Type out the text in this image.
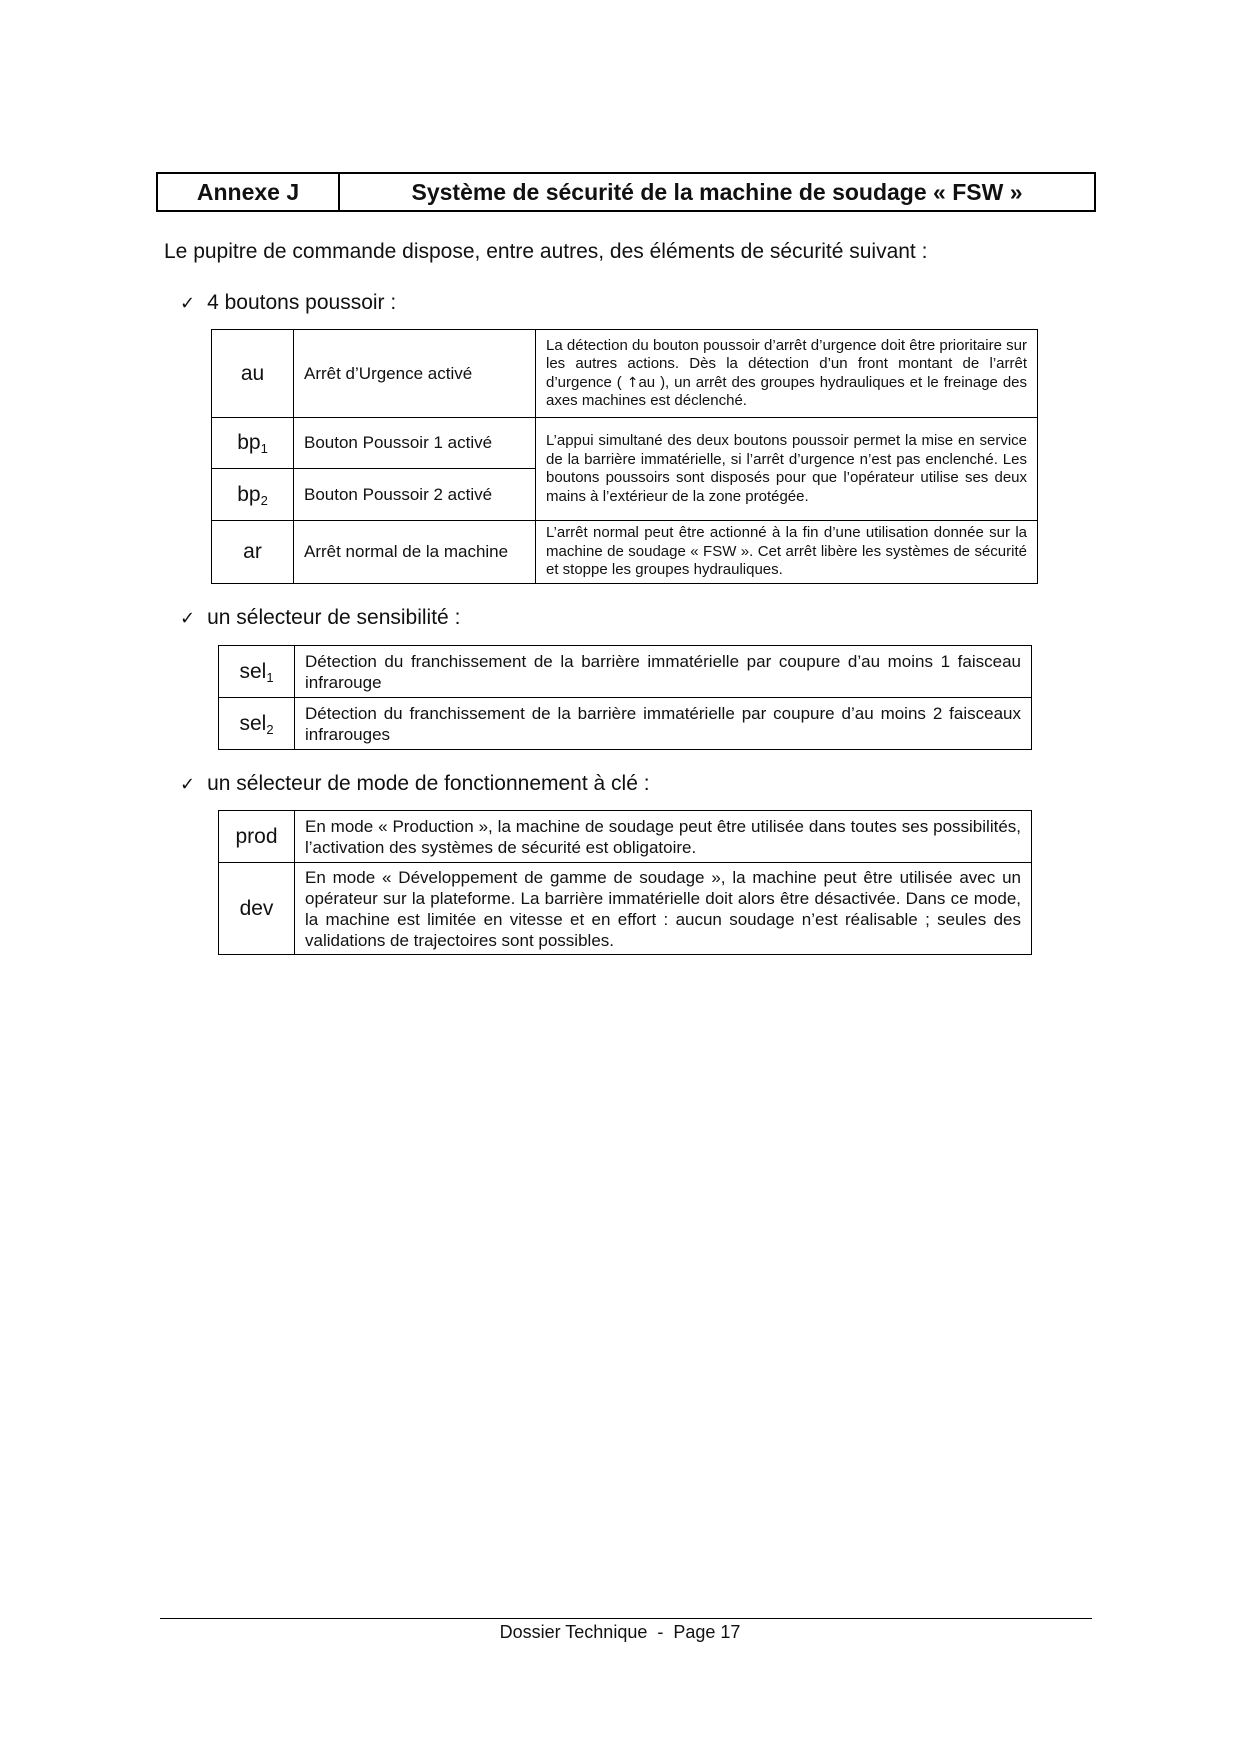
Annexe J	Système de sécurité de la machine de soudage « FSW »
Le pupitre de commande dispose, entre autres, des éléments de sécurité suivant :
✓ 4 boutons poussoir :
au	Arrêt d’Urgence activé	La détection du bouton poussoir d’arrêt d’urgence doit être prioritaire sur les autres actions. Dès la détection d’un front montant de l’arrêt d’urgence ( ↑au ), un arrêt des groupes hydrauliques et le freinage des axes machines est déclenché.
$bp_1$	Bouton Poussoir 1 activé	L’appui simultané des deux boutons poussoir permet la mise en service de la barrière immatérielle, si l’arrêt d’urgence n’est pas enclenché. Les boutons poussoirs sont disposés pour que l’opérateur utilise ses deux mains à l’extérieur de la zone protégée.
$bp_2$	Bouton Poussoir 2 activé	
ar	Arrêt normal de la machine	L’arrêt normal peut être actionné à la fin d’une utilisation donnée sur la machine de soudage « FSW ». Cet arrêt libère les systèmes de sécurité et stoppe les groupes hydrauliques.
✓ un sélecteur de sensibilité :
sel$_1$	Détection du franchissement de la barrière immatérielle par coupure d’au moins 1 faisceau infrarouge
sel$_2$	Détection du franchissement de la barrière immatérielle par coupure d’au moins 2 faisceaux infrarouges
✓ un sélecteur de mode de fonctionnement à clé :
prod	En mode « Production », la machine de soudage peut être utilisée dans toutes ses possibilités, l’activation des systèmes de sécurité est obligatoire.
dev	En mode « Développement de gamme de soudage », la machine peut être utilisée avec un opérateur sur la plateforme. La barrière immatérielle doit alors être désactivée. Dans ce mode, la machine est limitée en vitesse et en effort : aucun soudage n’est réalisable ; seules des validations de trajectoires sont possibles.
Dossier Technique  -  Page 17
